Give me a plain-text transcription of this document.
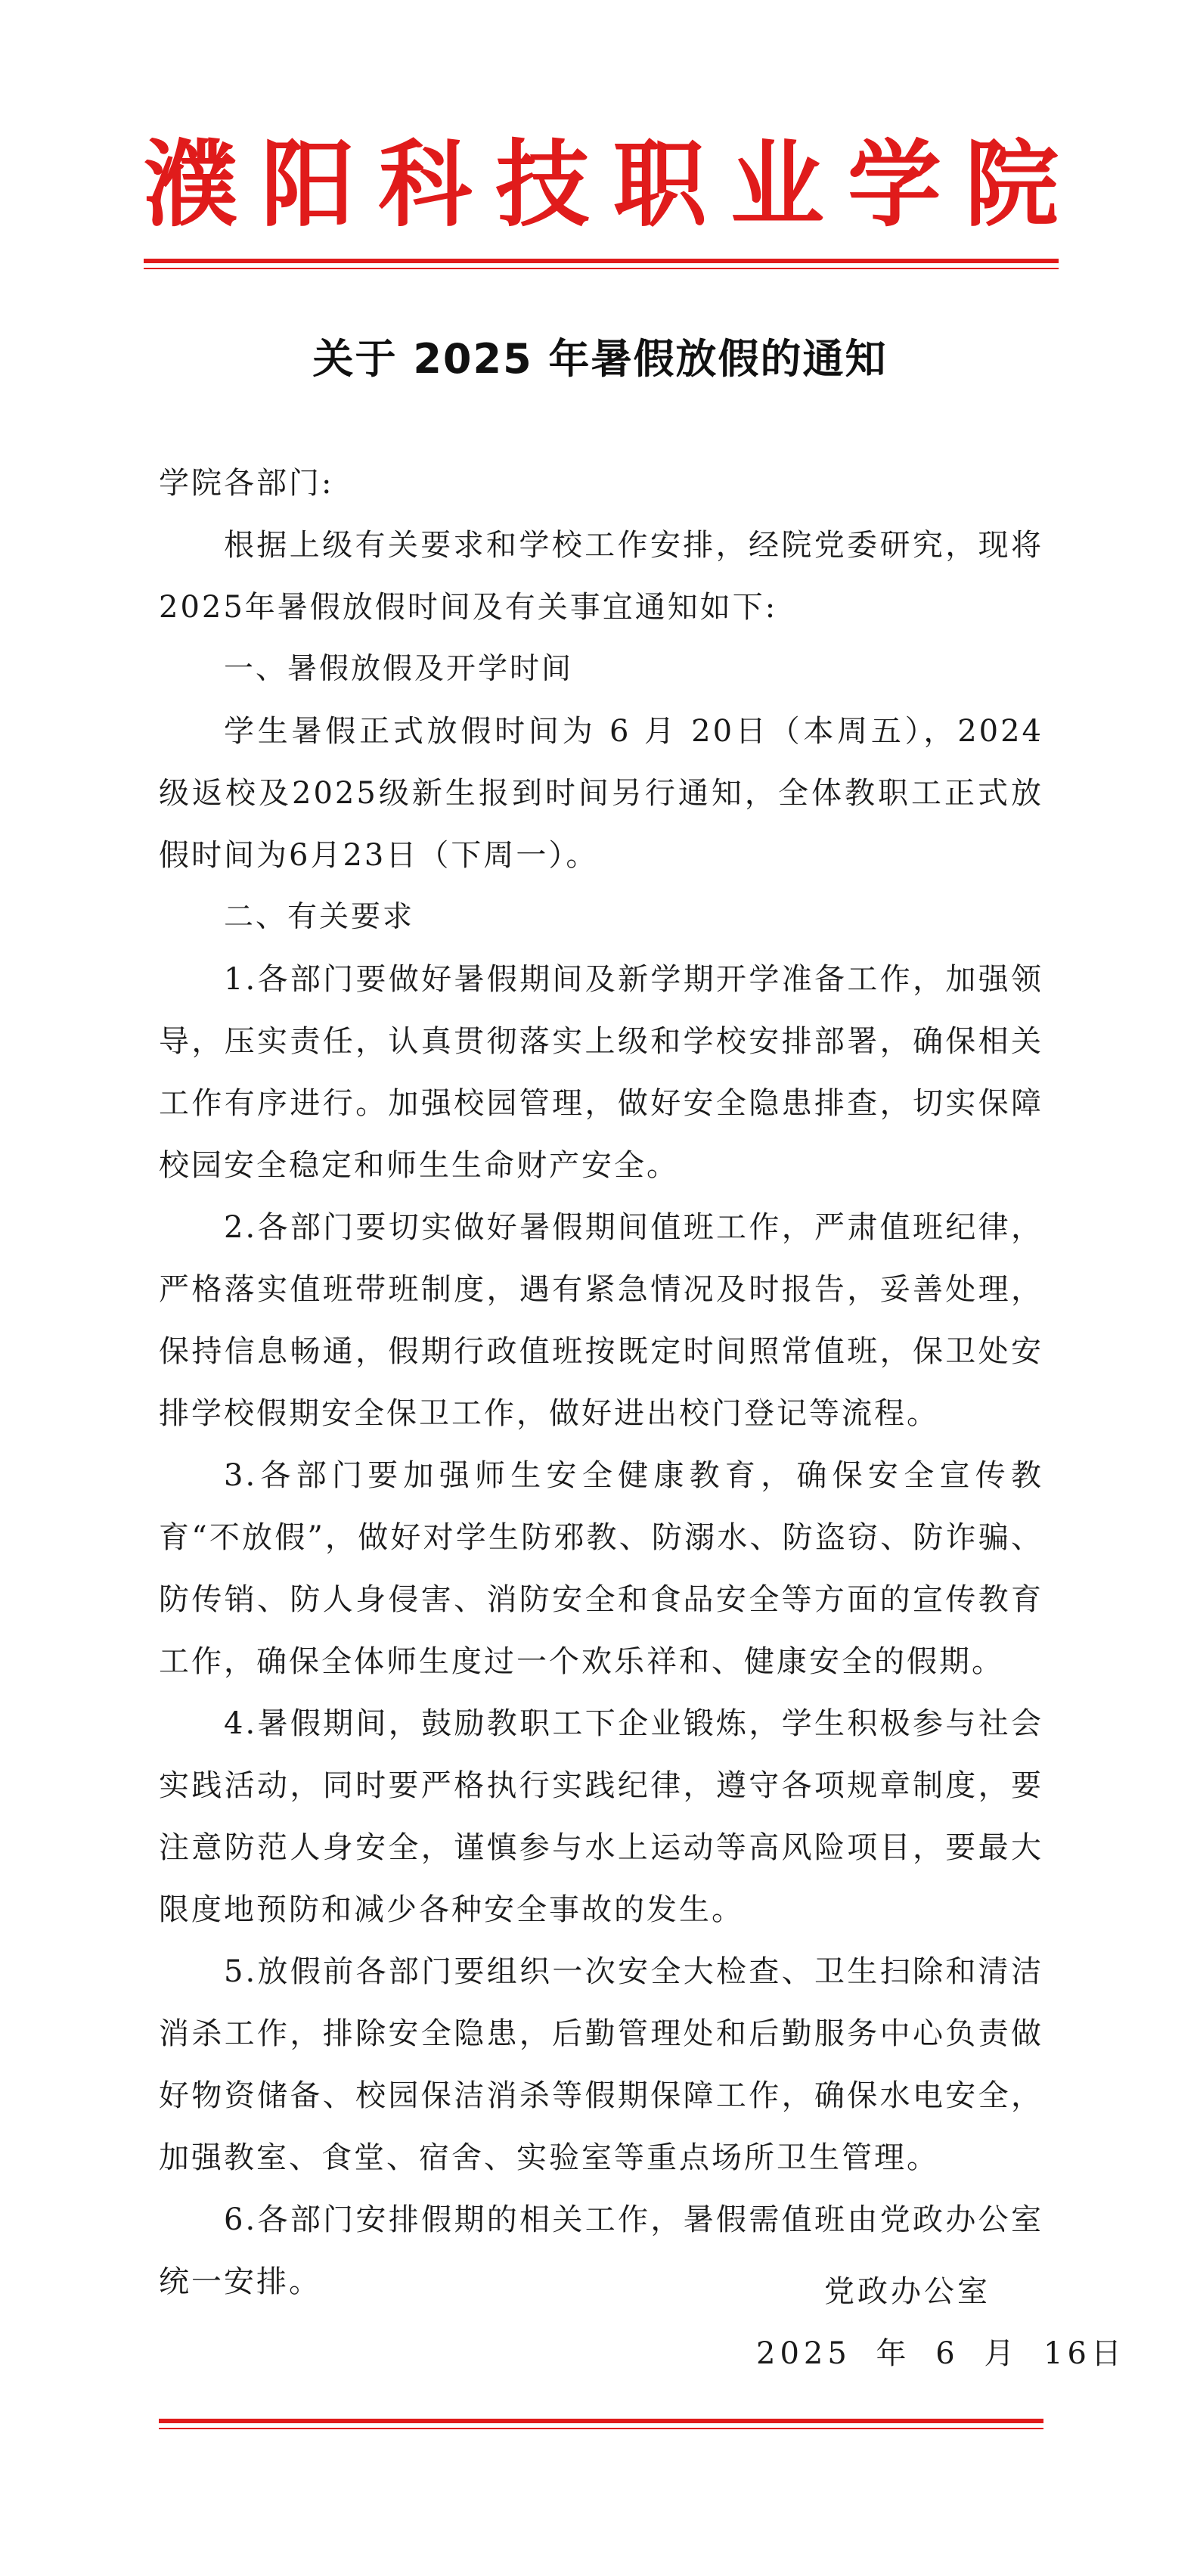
濮 阳 科 技 职 业 学 院
关于 2025 年暑假放假的通知

学院各部门:

根据上级有关要求和学校工作安排，经院党委研究，现将2025年暑假放假时间及有关事宜通知如下:

一、暑假放假及开学时间

学生暑假正式放假时间为 6 月 20日（本周五），2024级返校及2025级新生报到时间另行通知，全体教职工正式放假时间为6月23日（下周一）。

二、有关要求

1.各部门要做好暑假期间及新学期开学准备工作，加强领导，压实责任，认真贯彻落实上级和学校安排部署，确保相关工作有序进行。加强校园管理，做好安全隐患排查，切实保障校园安全稳定和师生生命财产安全。

2.各部门要切实做好暑假期间值班工作，严肃值班纪律，严格落实值班带班制度，遇有紧急情况及时报告，妥善处理，保持信息畅通，假期行政值班按既定时间照常值班，保卫处安排学校假期安全保卫工作，做好进出校门登记等流程。

3.各部门要加强师生安全健康教育，确保安全宣传教育“不放假”，做好对学生防邪教、防溺水、防盗窃、防诈骗、防传销、防人身侵害、消防安全和食品安全等方面的宣传教育工作，确保全体师生度过一个欢乐祥和、健康安全的假期。

4.暑假期间，鼓励教职工下企业锻炼，学生积极参与社会实践活动，同时要严格执行实践纪律，遵守各项规章制度，要注意防范人身安全，谨慎参与水上运动等高风险项目，要最大限度地预防和减少各种安全事故的发生。

5.放假前各部门要组织一次安全大检查、卫生扫除和清洁消杀工作，排除安全隐患，后勤管理处和后勤服务中心负责做好物资储备、校园保洁消杀等假期保障工作，确保水电安全，加强教室、食堂、宿舍、实验室等重点场所卫生管理。

6.各部门安排假期的相关工作，暑假需值班由党政办公室统一安排。	党政办公室
2025 年 6 月 16日
